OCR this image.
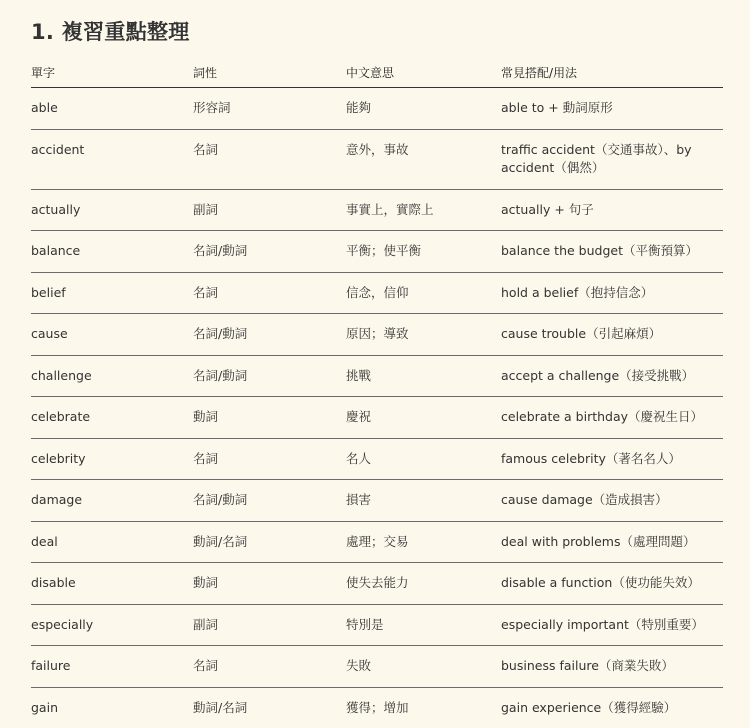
1. 複習重點整理
單字	詞性	中文意思	常見搭配/用法
able	形容詞	能夠	able to + 動詞原形
accident	名詞	意外，事故	traffic accident（交通事故）、by accident（偶然）
actually	副詞	事實上，實際上	actually + 句子
balance	名詞/動詞	平衡；使平衡	balance the budget（平衡預算）
belief	名詞	信念，信仰	hold a belief（抱持信念）
cause	名詞/動詞	原因；導致	cause trouble（引起麻煩）
challenge	名詞/動詞	挑戰	accept a challenge（接受挑戰）
celebrate	動詞	慶祝	celebrate a birthday（慶祝生日）
celebrity	名詞	名人	famous celebrity（著名名人）
damage	名詞/動詞	損害	cause damage（造成損害）
deal	動詞/名詞	處理；交易	deal with problems（處理問題）
disable	動詞	使失去能力	disable a function（使功能失效）
especially	副詞	特別是	especially important（特別重要）
failure	名詞	失敗	business failure（商業失敗）
gain	動詞/名詞	獲得；增加	gain experience（獲得經驗）
